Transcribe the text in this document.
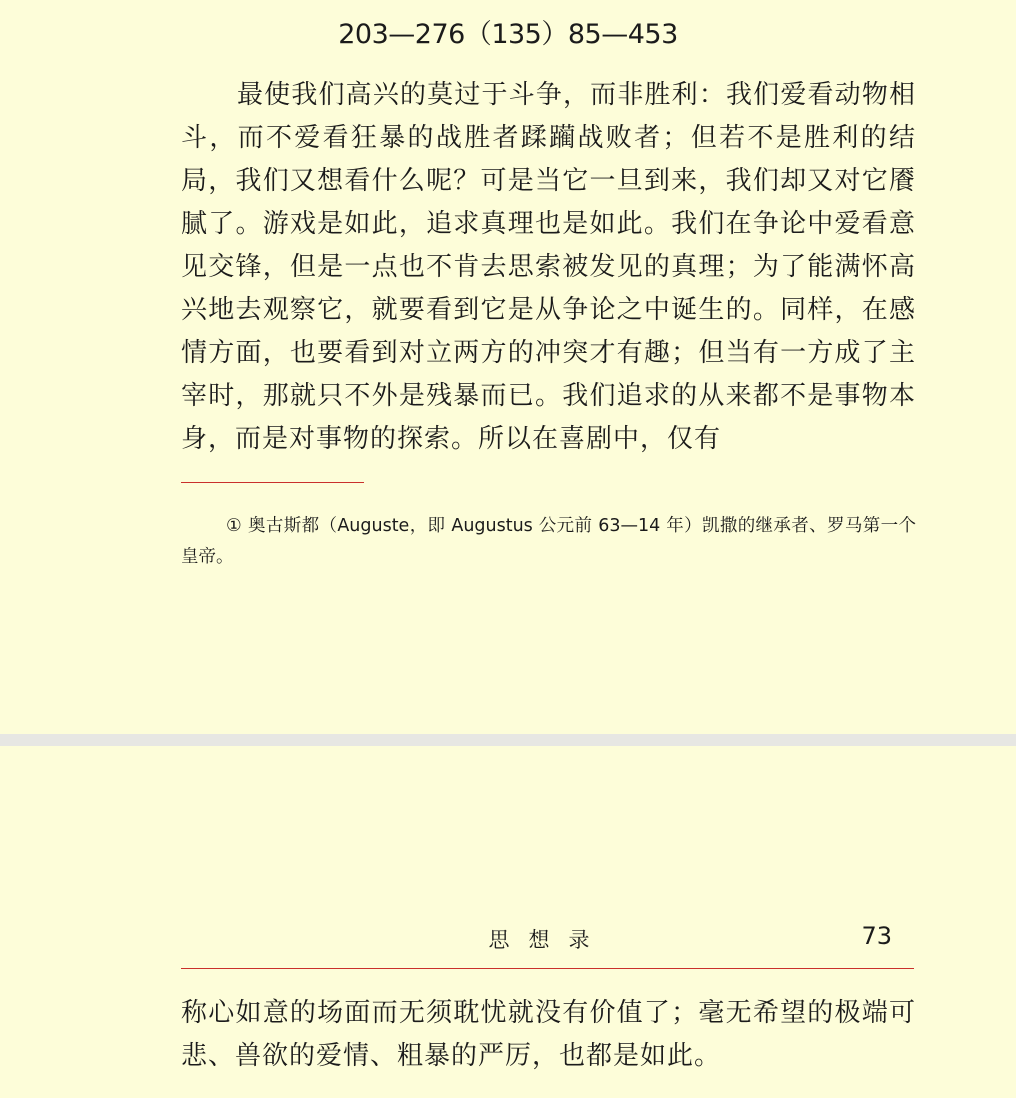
203—276（135）85—453

最使我们高兴的莫过于斗争，而非胜利：我们爱看动物相斗，而不爱看狂暴的战胜者蹂躏战败者；但若不是胜利的结局，我们又想看什么呢？可是当它一旦到来，我们却又对它餍腻了。游戏是如此，追求真理也是如此。我们在争论中爱看意见交锋，但是一点也不肯去思索被发见的真理；为了能满怀高兴地去观察它，就要看到它是从争论之中诞生的。同样，在感情方面，也要看到对立两方的冲突才有趣；但当有一方成了主宰时，那就只不外是残暴而已。我们追求的从来都不是事物本身，而是对事物的探索。所以在喜剧中，仅有

① 奥古斯都（Auguste，即 Augustus 公元前 63—14 年）凯撒的继承者、罗马第一个皇帝。

思想录	73

称心如意的场面而无须耽忧就没有价值了；毫无希望的极端可悲、兽欲的爱情、粗暴的严厉，也都是如此。
